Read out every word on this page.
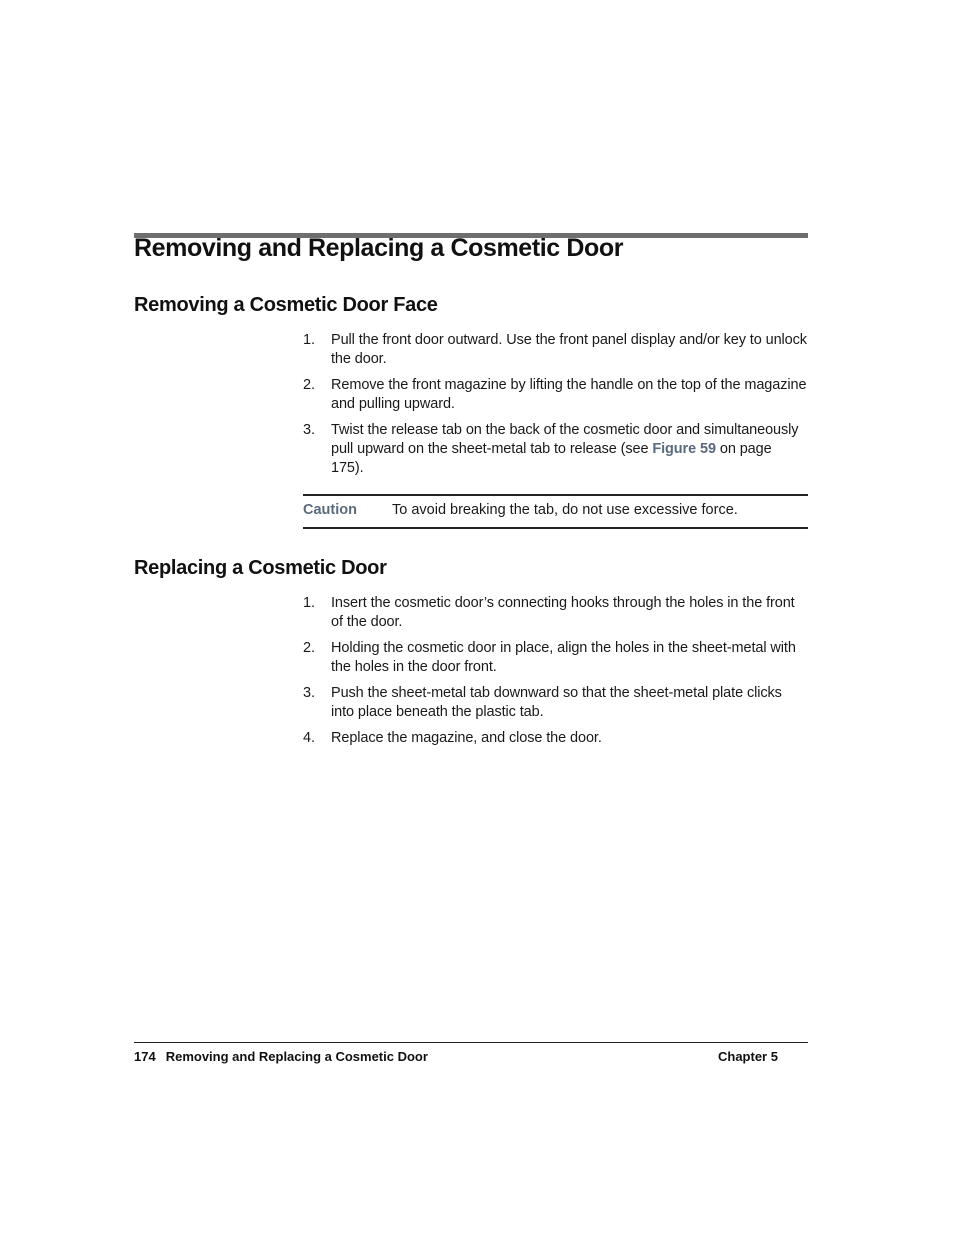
Removing and Replacing a Cosmetic Door
Removing a Cosmetic Door Face
1. Pull the front door outward. Use the front panel display and/or key to unlock the door.
2. Remove the front magazine by lifting the handle on the top of the magazine and pulling upward.
3. Twist the release tab on the back of the cosmetic door and simultaneously pull upward on the sheet-metal tab to release (see Figure 59 on page 175).
Caution To avoid breaking the tab, do not use excessive force.
Replacing a Cosmetic Door
1. Insert the cosmetic door’s connecting hooks through the holes in the front of the door.
2. Holding the cosmetic door in place, align the holes in the sheet-metal with the holes in the door front.
3. Push the sheet-metal tab downward so that the sheet-metal plate clicks into place beneath the plastic tab.
4. Replace the magazine, and close the door.
174 Removing and Replacing a Cosmetic Door	Chapter 5
